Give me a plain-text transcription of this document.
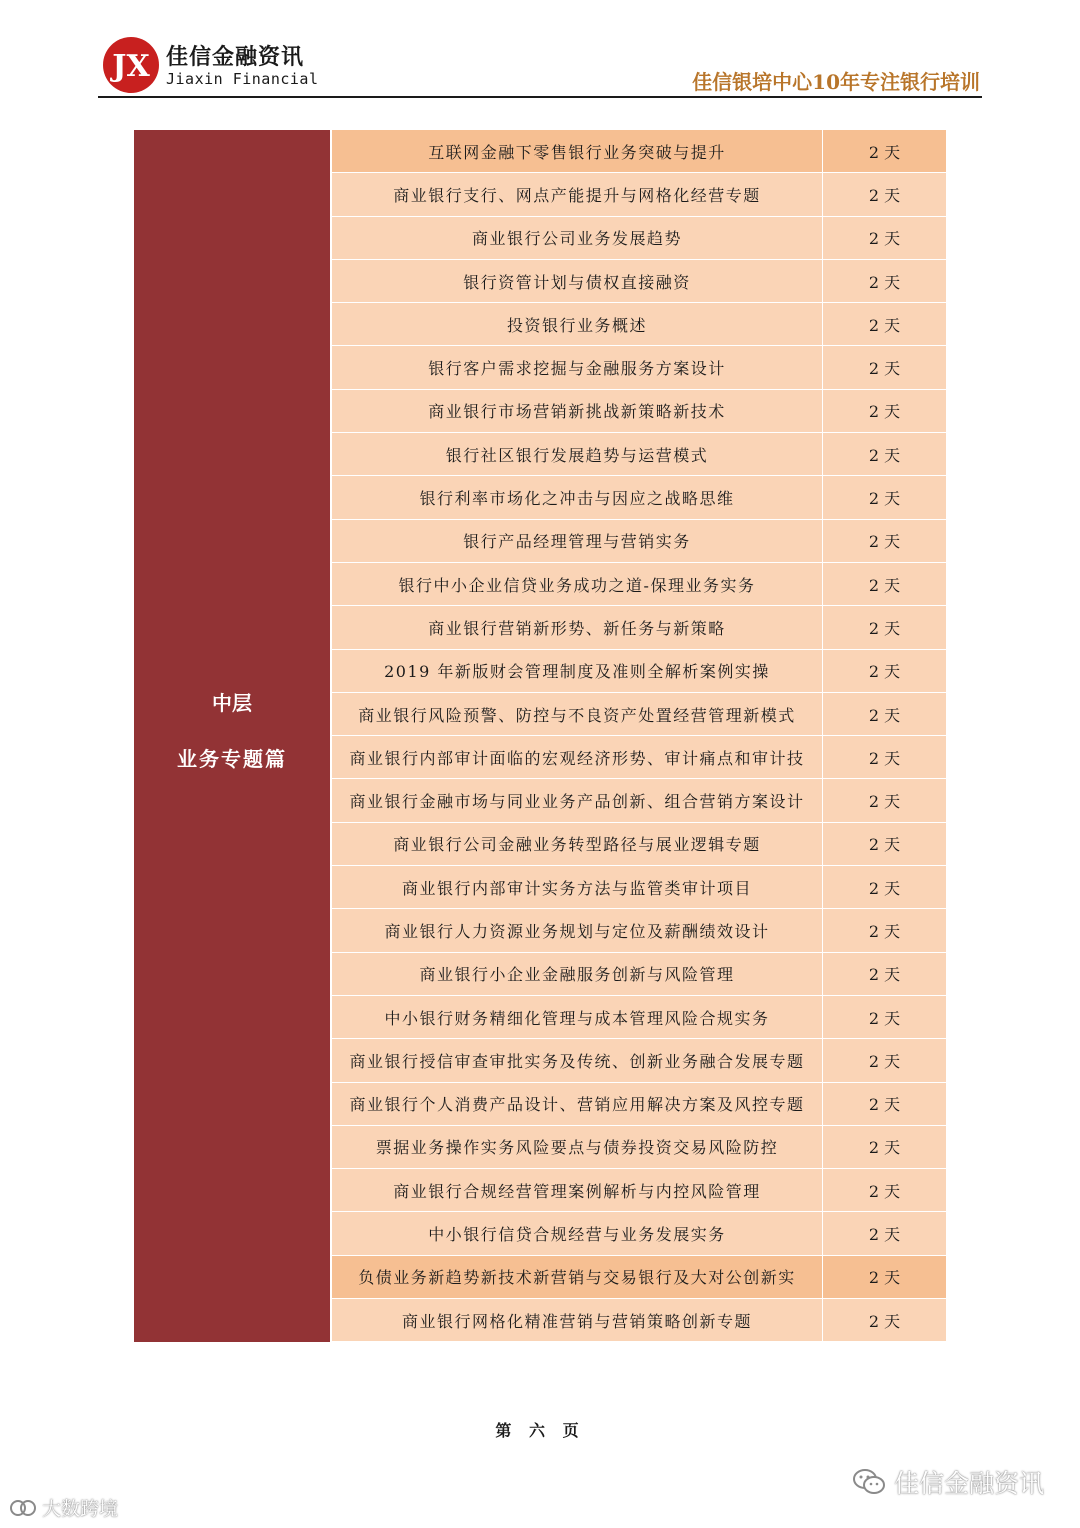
JX 佳信金融资讯
Jiaxin Financial	佳信银培中心10年专注银行培训
中层
业务专题篇
互联网金融下零售银行业务突破与提升	2 天
商业银行支行、网点产能提升与网格化经营专题	2 天
商业银行公司业务发展趋势	2 天
银行资管计划与债权直接融资	2 天
投资银行业务概述	2 天
银行客户需求挖掘与金融服务方案设计	2 天
商业银行市场营销新挑战新策略新技术	2 天
银行社区银行发展趋势与运营模式	2 天
银行利率市场化之冲击与因应之战略思维	2 天
银行产品经理管理与营销实务	2 天
银行中小企业信贷业务成功之道-保理业务实务	2 天
商业银行营销新形势、新任务与新策略	2 天
2019 年新版财会管理制度及准则全解析案例实操	2 天
商业银行风险预警、防控与不良资产处置经营管理新模式	2 天
商业银行内部审计面临的宏观经济形势、审计痛点和审计技	2 天
商业银行金融市场与同业业务产品创新、组合营销方案设计	2 天
商业银行公司金融业务转型路径与展业逻辑专题	2 天
商业银行内部审计实务方法与监管类审计项目	2 天
商业银行人力资源业务规划与定位及薪酬绩效设计	2 天
商业银行小企业金融服务创新与风险管理	2 天
中小银行财务精细化管理与成本管理风险合规实务	2 天
商业银行授信审查审批实务及传统、创新业务融合发展专题	2 天
商业银行个人消费产品设计、营销应用解决方案及风控专题	2 天
票据业务操作实务风险要点与债券投资交易风险防控	2 天
商业银行合规经营管理案例解析与内控风险管理	2 天
中小银行信贷合规经营与业务发展实务	2 天
负债业务新趋势新技术新营销与交易银行及大对公创新实	2 天
商业银行网格化精准营销与营销策略创新专题	2 天
第 六 页
佳信金融资讯
大数跨境
